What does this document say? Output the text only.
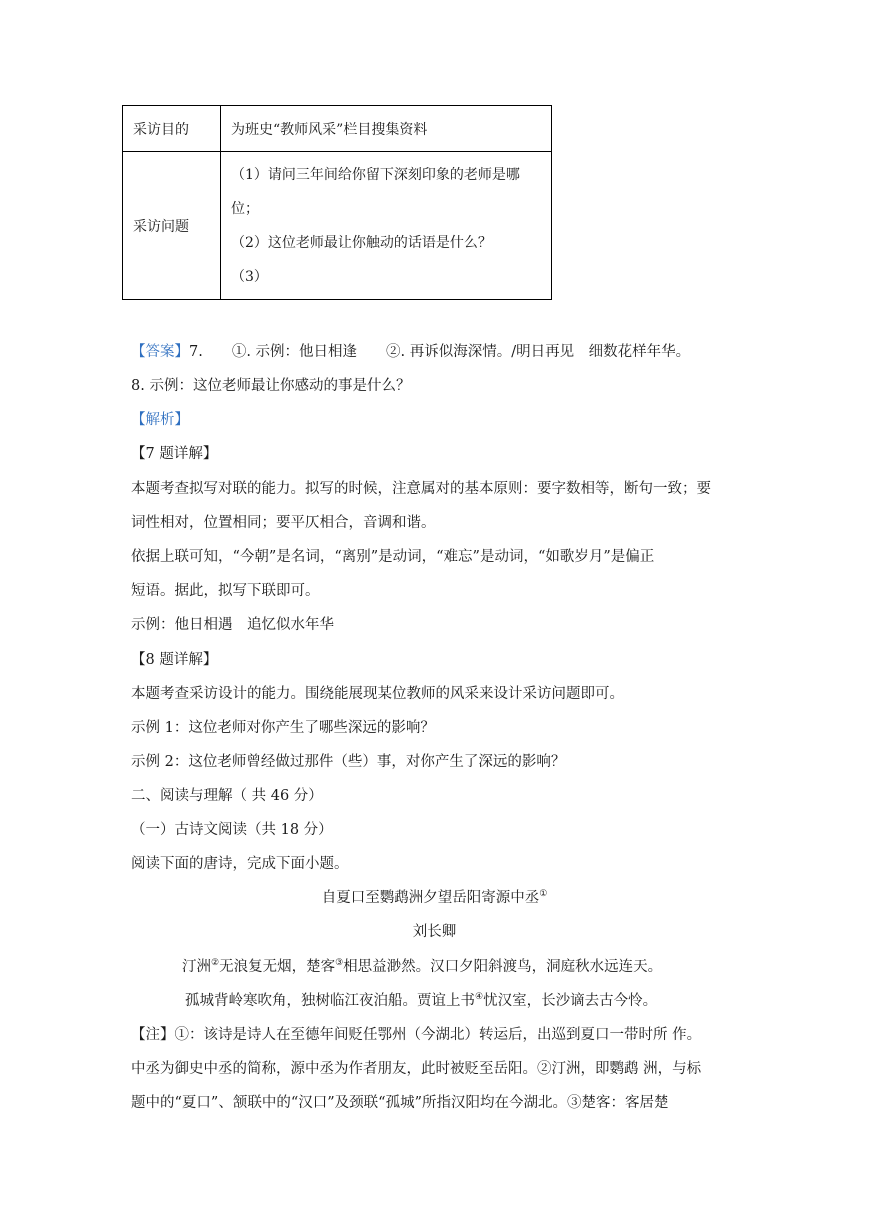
采访目的	为班史“教师风采”栏目搜集资料
采访问题	（1）请问三年间给你留下深刻印象的老师是哪
位；
（2）这位老师最让你触动的话语是什么？
（3）
【答案】7.　　①. 示例：他日相逢　　②. 再诉似海深情。/明日再见　细数花样年华。
8. 示例：这位老师最让你感动的事是什么？
【解析】
【7 题详解】
本题考查拟写对联的能力。拟写的时候，注意属对的基本原则：要字数相等，断句一致；要
词性相对，位置相同；要平仄相合，音调和谐。
依据上联可知，“今朝”是名词，“离别”是动词，“难忘”是动词，“如歌岁月”是偏正
短语。据此，拟写下联即可。
示例：他日相遇　追忆似水年华
【8 题详解】
本题考查采访设计的能力。围绕能展现某位教师的风采来设计采访问题即可。
示例 1：这位老师对你产生了哪些深远的影响？
示例 2：这位老师曾经做过那件（些）事，对你产生了深远的影响？
二、阅读与理解（ 共 46 分）
（一）古诗文阅读（共 18 分）
阅读下面的唐诗，完成下面小题。
自夏口至鹦鹉洲夕望岳阳寄源中丞①
刘长卿
汀洲②无浪复无烟，楚客③相思益渺然。汉口夕阳斜渡鸟，洞庭秋水远连天。
孤城背岭寒吹角，独树临江夜泊船。贾谊上书④忧汉室，长沙谪去古今怜。
【注】①：该诗是诗人在至德年间贬任鄂州（今湖北）转运后，出巡到夏口一带时所 作。
中丞为御史中丞的简称，源中丞为作者朋友，此时被贬至岳阳。②汀洲，即鹦鹉 洲，与标
题中的“夏口”、颔联中的“汉口”及颈联“孤城”所指汉阳均在今湖北。③楚客：客居楚
